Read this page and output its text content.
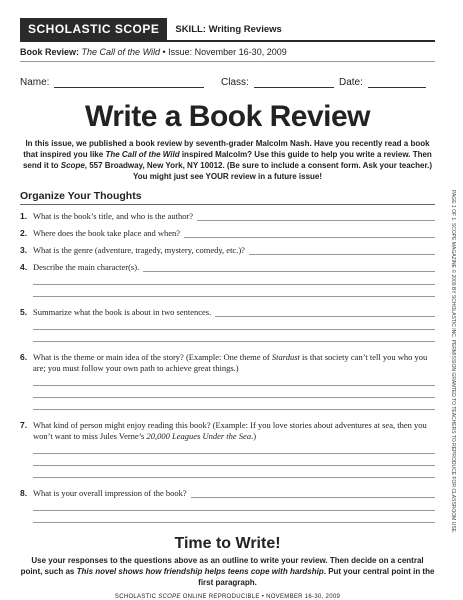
SCHOLASTIC SCOPE	SKILL:
Writing Reviews
Book Review: The Call of the Wild • Issue: November 16-30, 2009
Name:	Class:	Date:
Write a Book Review
In this issue, we published a book review by seventh-grader Malcolm Nash. Have you recently read a book that inspired you like The Call of the Wild inspired Malcolm? Use this guide to help you write a review. Then send it to Scope, 557 Broadway, New York, NY 10012. (Be sure to include a consent form. Ask your teacher.) You might just see YOUR review in a future issue!
Organize Your Thoughts
1. What is the book’s title, and who is the author?
2. Where does the book take place and when?
3. What is the genre (adventure, tragedy, mystery, comedy, etc.)?
4. Describe the main character(s).
5. Summarize what the book is about in two sentences.
6. What is the theme or main idea of the story? (Example: One theme of Stardust is that society can’t tell you who you are; you must follow your own path to achieve great things.)
7. What kind of person might enjoy reading this book? (Example: If you love stories about adventures at sea, then you won’t want to miss Jules Verne’s 20,000 Leagues Under the Sea.)
8. What is your overall impression of the book?
Time to Write!
Use your responses to the questions above as an outline to write your review. Then decide on a central point, such as This novel shows how friendship helps teens cope with hardship. Put your central point in the first paragraph.
SCHOLASTIC SCOPE ONLINE REPRODUCIBLE • NOVEMBER 16-30, 2009
PAGE 1 OF 1. SCOPE MAGAZINE © 2009 BY SCHOLASTIC INC. PERMISSION GRANTED TO TEACHERS TO REPRODUCE FOR CLASSROOM USE.
